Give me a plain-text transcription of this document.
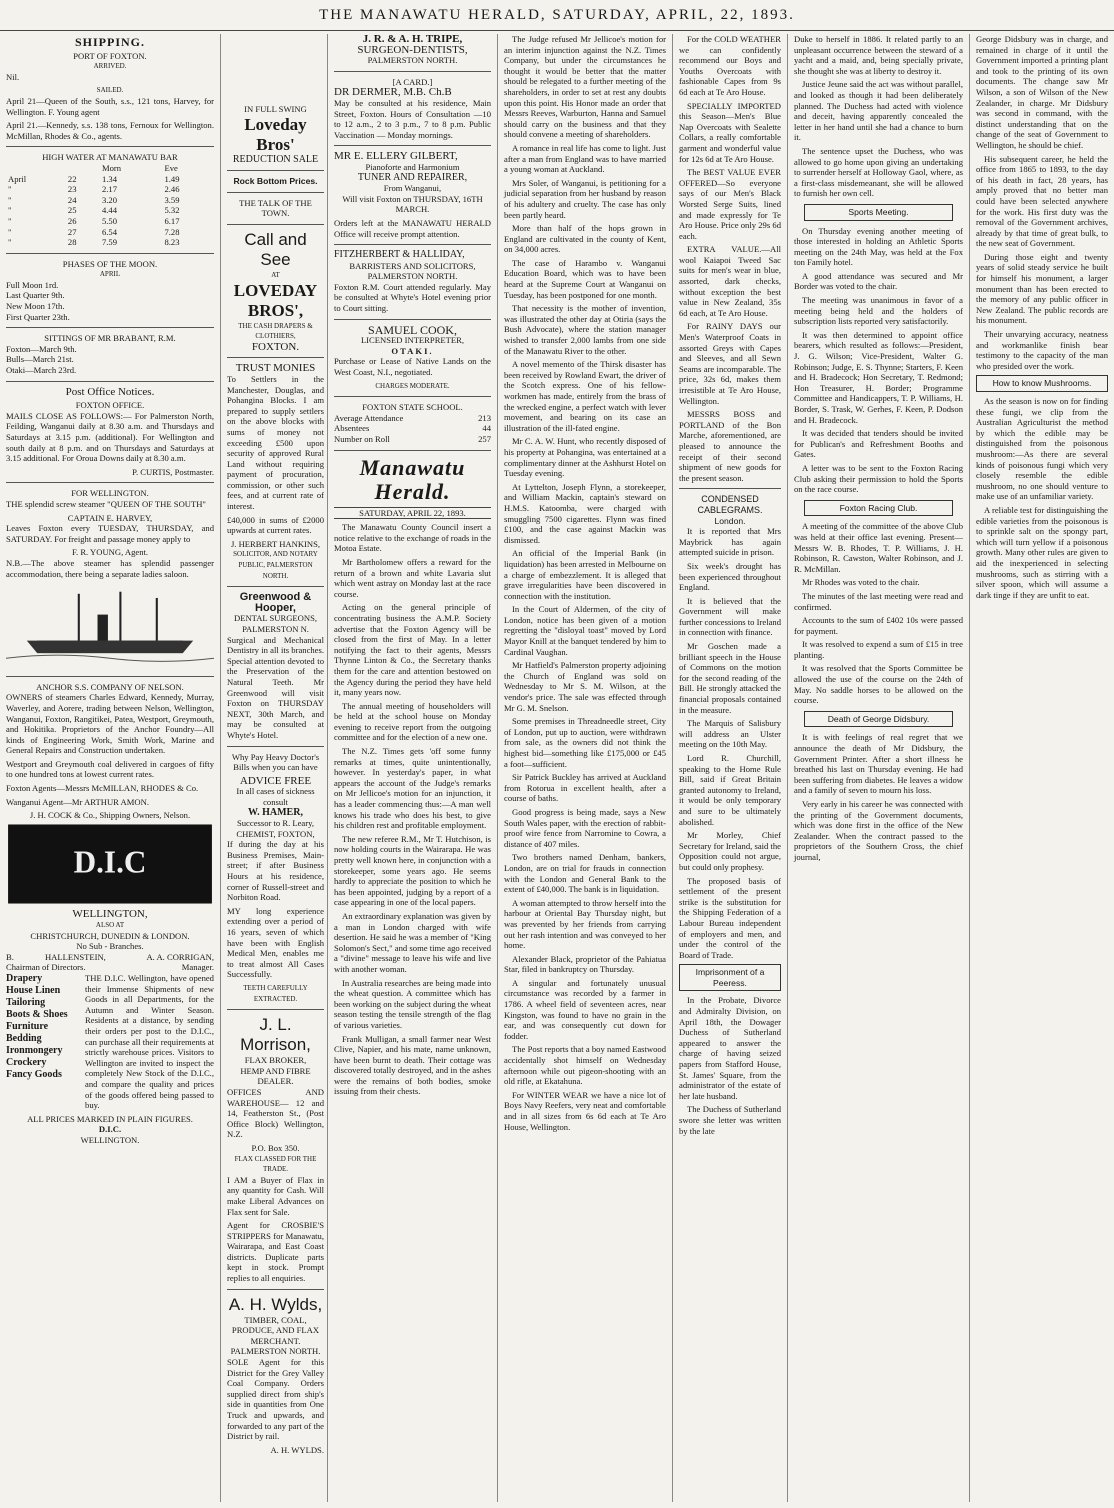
THE MANAWATU HERALD, SATURDAY, APRIL, 22, 1893.
SHIPPING.
PORT OF FOXTON.
ARRIVED.

Nil.

SAILED.

April 21—Queen of the South, s.s., 121 tons, Harvey, for Wellington. F. Young agent

April 21.—Kennedy, s.s. 138 tons, Fernoux for Wellington. McMillan, Rhodes & Co., agents.

HIGH WATER AT MANAWATU BAR
		Morn	Eve
April	22	1.34	1.49
"	23	2.17	2.46
"	24	3.20	3.59
"	25	4.44	5.32
"	26	5.50	6.17
"	27	6.54	7.28
"	28	7.59	8.23
PHASES OF THE MOON.
APRIL
Full Moon 1rd.
Last Quarter 9th.
New Moon 17th.
First Quarter 23th.
SITTINGS OF MR BRABANT, R.M.
Foxton—March 9th.
Bulls—March 21st.
Otaki—March 23rd.
Post Office Notices.
FOXTON OFFICE.

MAILS CLOSE AS FOLLOWS:— For Palmerston North, Feilding, Wanganui daily at 8.30 a.m. and Thursdays and Saturdays at 3.15 p.m. (additional). For Wellington and south daily at 8 p.m. and on Thursdays and Saturdays at 3.15 additional. For Oroua Downs daily at 8.30 a.m.

P. CURTIS, Postmaster.
FOR WELLINGTON.

THE splendid screw steamer "QUEEN OF THE SOUTH"

CAPTAIN E. HARVEY,

Leaves Foxton every TUESDAY, THURSDAY, and SATURDAY. For freight and passage money apply to

F. R. YOUNG, Agent.

N.B.—The above steamer has splendid passenger accommodation, there being a separate ladies saloon.

ANCHOR S.S. COMPANY OF NELSON.

OWNERS of steamers Charles Edward, Kennedy, Murray, Waverley, and Aorere, trading between Nelson, Wellington, Wanganui, Foxton, Rangitikei, Patea, Westport, Greymouth, and Hokitika. Proprietors of the Anchor Foundry—All kinds of Engineering Work, Smith Work, Marine and General Repairs and Construction undertaken.

Westport and Greymouth coal delivered in cargoes of fifty to one hundred tons at lowest current rates.

Foxton Agents—Messrs McMILLAN, RHODES & Co.

Wanganui Agent—Mr ARTHUR AMON.

J. H. COCK & Co., Shipping Owners, Nelson.
D.I.C
WELLINGTON,
ALSO AT
CHRISTCHURCH, DUNEDIN & LONDON.
No Sub - Branches.
B. HALLENSTEIN, Chairman of Directors.
A. A. CORRIGAN, Manager.
Drapery
House Linen
Tailoring
Boots & Shoes
Furniture
Bedding
Ironmongery
Crockery
Fancy Goods

THE D.I.C. Wellington, have opened their Immense Shipments of new Goods in all Departments, for the Autumn and Winter Season. Residents at a distance, by sending their orders per post to the D.I.C., can purchase all their requirements at strictly warehouse prices. Visitors to Wellington are invited to inspect the completely New Stock of the D.I.C., and compare the quality and prices of the goods offered being passed to buy.

ALL PRICES MARKED IN PLAIN FIGURES.
D.I.C.
WELLINGTON.
IN FULL SWING
Loveday Bros'
REDUCTION SALE
Rock Bottom Prices.
THE TALK OF THE TOWN.
Call and See
AT
LOVEDAY BROS',
THE CASH DRAPERS & CLOTHIERS,
FOXTON.
TRUST MONIES

To Settlers in the Manchester, Douglas, and Pohangina Blocks. I am prepared to supply settlers on the above blocks with sums of money not exceeding £500 upon security of approved Rural Land without requiring payment of procuration, commission, or other such fees, and at current rate of interest.

£40,000 in sums of £2000 upwards at current rates.

J. HERBERT HANKINS,
SOLICITOR, AND NOTARY PUBLIC, PALMERSTON NORTH.
Greenwood & Hooper,
DENTAL SURGEONS,
PALMERSTON N.

Surgical and Mechanical Dentistry in all its branches. Special attention devoted to the Preservation of the Natural Teeth. Mr Greenwood will visit Foxton on THURSDAY NEXT, 30th March, and may be consulted at Whyte's Hotel.

Why Pay Heavy Doctor's Bills when you can have

ADVICE FREE
In all cases of sickness consult
W. HAMER,
Successor to R. Leary,
CHEMIST, FOXTON,

If during the day at his Business Premises, Main-street; if after Business Hours at his residence, corner of Russell-street and Norbiton Road.

MY long experience extending over a period of 16 years, seven of which have been with English Medical Men, enables me to treat almost All Cases Successfully.

TEETH CAREFULLY EXTRACTED.
J. L. Morrison,
FLAX BROKER,
HEMP AND FIBRE DEALER.

OFFICES AND WAREHOUSE— 12 and 14, Featherston St., (Post Office Block) Wellington, N.Z.

P.O. Box 350.
FLAX CLASSED FOR THE TRADE.

I AM a Buyer of Flax in any quantity for Cash. Will make Liberal Advances on Flax sent for Sale.

Agent for CROSBIE'S STRIPPERS for Manawatu, Wairarapa, and East Coast districts. Duplicate parts kept in stock. Prompt replies to all enquiries.

A. H. Wylds,
TIMBER, COAL, PRODUCE, AND FLAX MERCHANT.
PALMERSTON NORTH.

SOLE Agent for this District for the Grey Valley Coal Company. Orders supplied direct from ship's side in quantities from One Truck and upwards, and forwarded to any part of the District by rail.

A. H. WYLDS.
J. R. & A. H. TRIPE,
SURGEON-DENTISTS,
PALMERSTON NORTH.
[A CARD.]
DR DERMER, M.B. Ch.B

May be consulted at his residence, Main Street, Foxton. Hours of Consultation —10 to 12 a.m., 2 to 3 p.m., 7 to 8 p.m. Public Vaccination — Monday mornings.

MR E. ELLERY GILBERT,
Pianoforte and Harmonium
TUNER AND REPAIRER,
From Wanganui,

Will visit Foxton on THURSDAY, 16TH MARCH.

Orders left at the MANAWATU HERALD Office will receive prompt attention.

FITZHERBERT & HALLIDAY,
BARRISTERS AND SOLICITORS, PALMERSTON NORTH.

Foxton R.M. Court attended regularly. May be consulted at Whyte's Hotel evening prior to Court sitting.

SAMUEL COOK,
LICENSED INTERPRETER,
OTAKI.

Purchase or Lease of Native Lands on the West Coast, N.I., negotiated.

CHARGES MODERATE.
FOXTON STATE SCHOOL.
Average Attendance	213
Absentees	44
Number on Roll	257
Manawatu Herald.
SATURDAY, APRIL 22, 1893.

The Manawatu County Council insert a notice relative to the exchange of roads in the Motoa Estate.

Mr Bartholomew offers a reward for the return of a brown and white Lavaria slut which went astray on Monday last at the race course.

Acting on the general principle of concentrating business the A.M.P. Society advertise that the Foxton Agency will be closed from the first of May. In a letter notifying the fact to their agents, Messrs Thynne Linton & Co., the Secretary thanks them for the care and attention bestowed on the Agency during the period they have held it, many years now.

The annual meeting of householders will be held at the school house on Monday evening to receive report from the outgoing committee and for the election of a new one.

The N.Z. Times gets 'off some funny remarks at times, quite unintentionally, however. In yesterday's paper, in what appears the account of the Judge's remarks on Mr Jellicoe's motion for an injunction, it has a leader commencing thus:—A man well knows his trade who does his best, to give his children rest and profitable employment.

The new referee R.M., Mr T. Hutchison, is now holding courts in the Wairarapa. He was pretty well known here, in conjunction with a storekeeper, some years ago. He seems hardly to appreciate the position to which he has been appointed, judging by a report of a case appearing in one of the local papers.

An extraordinary explanation was given by a man in London charged with wife desertion. He said he was a member of "King Solomon's Sect," and some time ago received a "divine" message to leave his wife and live with another woman.

In Australia researches are being made into the wheat question. A committee which has been working on the subject during the wheat season testing the tensile strength of the flag of various varieties.

Frank Mulligan, a small farmer near West Clive, Napier, and his mate, name unknown, have been burnt to death. Their cottage was discovered totally destroyed, and in the ashes were the remains of both bodies, smoke issuing from their chests.

The Judge refused Mr Jellicoe's motion for an interim injunction against the N.Z. Times Company, but under the circumstances he thought it would be better that the matter should be relegated to a further meeting of the shareholders, in order to set at rest any doubts upon this point. His Honor made an order that Messrs Reeves, Warburton, Hanna and Samuel should carry on the business and that they should convene a meeting of shareholders.

A romance in real life has come to light. Just after a man from England was to have married a young woman at Auckland.

Mrs Soler, of Wanganui, is petitioning for a judicial separation from her husband by reason of his adultery and cruelty. The case has only been partly heard.

More than half of the hops grown in England are cultivated in the county of Kent, on 34,000 acres.

The case of Harambo v. Wanganui Education Board, which was to have been heard at the Supreme Court at Wanganui on Tuesday, has been postponed for one month.

That necessity is the mother of invention, was illustrated the other day at Otiria (says the Bush Advocate), where the station manager wished to transfer 2,000 lambs from one side of the Manawatu River to the other.

A novel memento of the Thirsk disaster has been received by Rowland Ewart, the driver of the Scotch express. One of his fellow-workmen has made, entirely from the brass of the wrecked engine, a perfect watch with lever movement, and bearing on its case an illustration of the ill-fated engine.

Mr C. A. W. Hunt, who recently disposed of his property at Pohangina, was entertained at a complimentary dinner at the Ashhurst Hotel on Tuesday evening.

At Lyttelton, Joseph Flynn, a storekeeper, and William Mackin, captain's steward on H.M.S. Katoomba, were charged with smuggling 7500 cigarettes. Flynn was fined £100, and the case against Mackin was dismissed.

An official of the Imperial Bank (in liquidation) has been arrested in Melbourne on a charge of embezzlement. It is alleged that grave irregularities have been discovered in connection with the institution.

In the Court of Aldermen, of the city of London, notice has been given of a motion regretting the "disloyal toast" moved by Lord Mayor Knill at the banquet tendered by him to Cardinal Vaughan.

Mr Hatfield's Palmerston property adjoining the Church of England was sold on Wednesday to Mr S. M. Wilson, at the vendor's price. The sale was effected through Mr G. M. Snelson.

Some premises in Threadneedle street, City of London, put up to auction, were withdrawn from sale, as the owners did not think the highest bid—something like £175,000 or £45 a foot—sufficient.

Sir Patrick Buckley has arrived at Auckland from Rotorua in excellent health, after a course of baths.

Good progress is being made, says a New South Wales paper, with the erection of rabbit-proof wire fence from Narromine to Cowra, a distance of 407 miles.

Two brothers named Denham, bankers, London, are on trial for frauds in connection with the London and General Bank to the extent of £40,000. The bank is in liquidation.

A woman attempted to throw herself into the harbour at Oriental Bay Thursday night, but was prevented by her friends from carrying out her rash intention and was conveyed to her home.

Alexander Black, proprietor of the Pahiatua Star, filed in bankruptcy on Thursday.

A singular and fortunately unusual circumstance was recorded by a farmer in 1786. A wheel field of seventeen acres, near Kingston, was found to have no grain in the ear, and was consequently cut down for fodder.

The Post reports that a boy named Eastwood accidentally shot himself on Wednesday afternoon while out pigeon-shooting with an old rifle, at Ekatahuna.

For WINTER WEAR we have a nice lot of Boys Navy Reefers, very neat and comfortable and in all sizes from 6s 6d each at Te Aro House, Wellington.

For the COLD WEATHER we can confidently recommend our Boys and Youths Overcoats with fashionable Capes from 9s 6d each at Te Aro House.

SPECIALLY IMPORTED this Season—Men's Blue Nap Overcoats with Sealette Collars, a really comfortable garment and wonderful value for 12s 6d at Te Aro House.

The BEST VALUE EVER OFFERED—So everyone says of our Men's Black Worsted Serge Suits, lined and made expressly for Te Aro House. Price only 29s 6d each.

EXTRA VALUE.—All wool Kaiapoi Tweed Sac suits for men's wear in blue, assorted, dark checks, without exception the best value in New Zealand, 35s 6d each, at Te Aro House.

For RAINY DAYS our Men's Waterproof Coats in assorted Greys with Capes and Sleeves, and all Sewn Seams are incomparable. The price, 32s 6d, makes them irresistible at Te Aro House, Wellington.

MESSRS BOSS and PORTLAND of the Bon Marche, aforementioned, are pleased to announce the receipt of their second shipment of new goods for the present season.

CONDENSED CABLEGRAMS.
London.

It is reported that Mrs Maybrick has again attempted suicide in prison.

Six week's drought has been experienced throughout England.

It is believed that the Government will make further concessions to Ireland in connection with finance.

Mr Goschen made a brilliant speech in the House of Commons on the motion for the second reading of the Bill. He strongly attacked the financial proposals contained in the measure.

The Marquis of Salisbury will address an Ulster meeting on the 10th May.

Lord R. Churchill, speaking to the Home Rule Bill, said if Great Britain granted autonomy to Ireland, it would be only temporary and sure to be ultimately abolished.

Mr Morley, Chief Secretary for Ireland, said the Opposition could not argue, but could only prophesy.

The proposed basis of settlement of the present strike is the substitution for the Shipping Federation of a Labour Bureau independent of employers and men, and under the control of the Board of Trade.

Imprisonment of a Peeress.

In the Probate, Divorce and Admiralty Division, on April 18th, the Dowager Duchess of Sutherland appeared to answer the charge of having seized papers from Stafford House, St. James' Square, from the administrator of the estate of her late husband.

The Duchess of Sutherland swore she letter was written by the late

Duke to herself in 1886. It related partly to an unpleasant occurrence between the steward of a yacht and a maid, and, being specially private, she thought she was at liberty to destroy it.

Justice Jeune said the act was without parallel, and looked as though it had been deliberately planned. The Duchess had acted with violence and deceit, having apparently concealed the letter in her hand until she had a chance to burn it.

The sentence upset the Duchess, who was allowed to go home upon giving an undertaking to surrender herself at Holloway Gaol, where, as a first-class misdemeanant, she will be allowed to furnish her own cell.

Sports Meeting.

On Thursday evening another meeting of those interested in holding an Athletic Sports meeting on the 24th May, was held at the Fox ton Family hotel.

A good attendance was secured and Mr Border was voted to the chair.

The meeting was unanimous in favor of a meeting being held and the holders of subscription lists reported very satisfactorily.

It was then determined to appoint office bearers, which resulted as follows:—President, J. G. Wilson; Vice-President, Walter G. Robinson; Judge, E. S. Thynne; Starters, F. Keen and H. Bradecock; Hon Secretary, T. Redmond; Hon Treasurer, H. Border; Programme Committee and Handicappers, T. P. Williams, H. Border, S. Trask, W. Gerhes, F. Keen, P. Dodson and H. Bradecock.

It was decided that tenders should be invited for Publican's and Refreshment Booths and Gates.

A letter was to be sent to the Foxton Racing Club asking their permission to hold the Sports on the race course.

Foxton Racing Club.

A meeting of the committee of the above Club was held at their office last evening. Present—Messrs W. B. Rhodes, T. P. Williams, J. H. Robinson, R. Cawston, Walter Robinson, and J. R. McMillan.

Mr Rhodes was voted to the chair.

The minutes of the last meeting were read and confirmed.

Accounts to the sum of £402 10s were passed for payment.

It was resolved to expend a sum of £15 in tree planting.

It was resolved that the Sports Committee be allowed the use of the course on the 24th of May. No saddle horses to be allowed on the course.

Death of George Didsbury.

It is with feelings of real regret that we announce the death of Mr Didsbury, the Government Printer. After a short illness he breathed his last on Thursday evening. He had been suffering from diabetes. He leaves a widow and a family of seven to mourn his loss.

Very early in his career he was connected with the printing of the Government documents, which was done first in the office of the New Zealander. When the contract passed to the proprietors of the Southern Cross, the chief journal,

George Didsbury was in charge, and remained in charge of it until the Government imported a printing plant and took to the printing of its own documents. The change saw Mr Wilson, a son of Wilson of the New Zealander, in charge. Mr Didsbury was second in command, with the distinct understanding that on the change of the seat of Government to Wellington, he should be chief.

His subsequent career, he held the office from 1865 to 1893, to the day of his death in fact, 28 years, has amply proved that no better man could have been selected anywhere for the work. His first duty was the removal of the Government archives, already by that time of great bulk, to the new seat of Government.

During those eight and twenty years of solid steady service he built for himself his monument, a larger monument than has been erected to the memory of any public officer in New Zealand. The public records are his monument.

Their unvarying accuracy, neatness and workmanlike finish bear testimony to the capacity of the man who presided over the work.

How to know Mushrooms.

As the season is now on for finding these fungi, we clip from the Australian Agriculturist the method by which the edible may be distinguished from the poisonous mushroom:—As there are several kinds of poisonous fungi which very closely resemble the edible mushroom, no one should venture to make use of an unfamiliar variety.

A reliable test for distinguishing the edible varieties from the poisonous is to sprinkle salt on the spongy part, which will turn yellow if a poisonous growth. Many other rules are given to aid the inexperienced in selecting mushrooms, such as stirring with a silver spoon, which will assume a dark tinge if they are unfit to eat.
